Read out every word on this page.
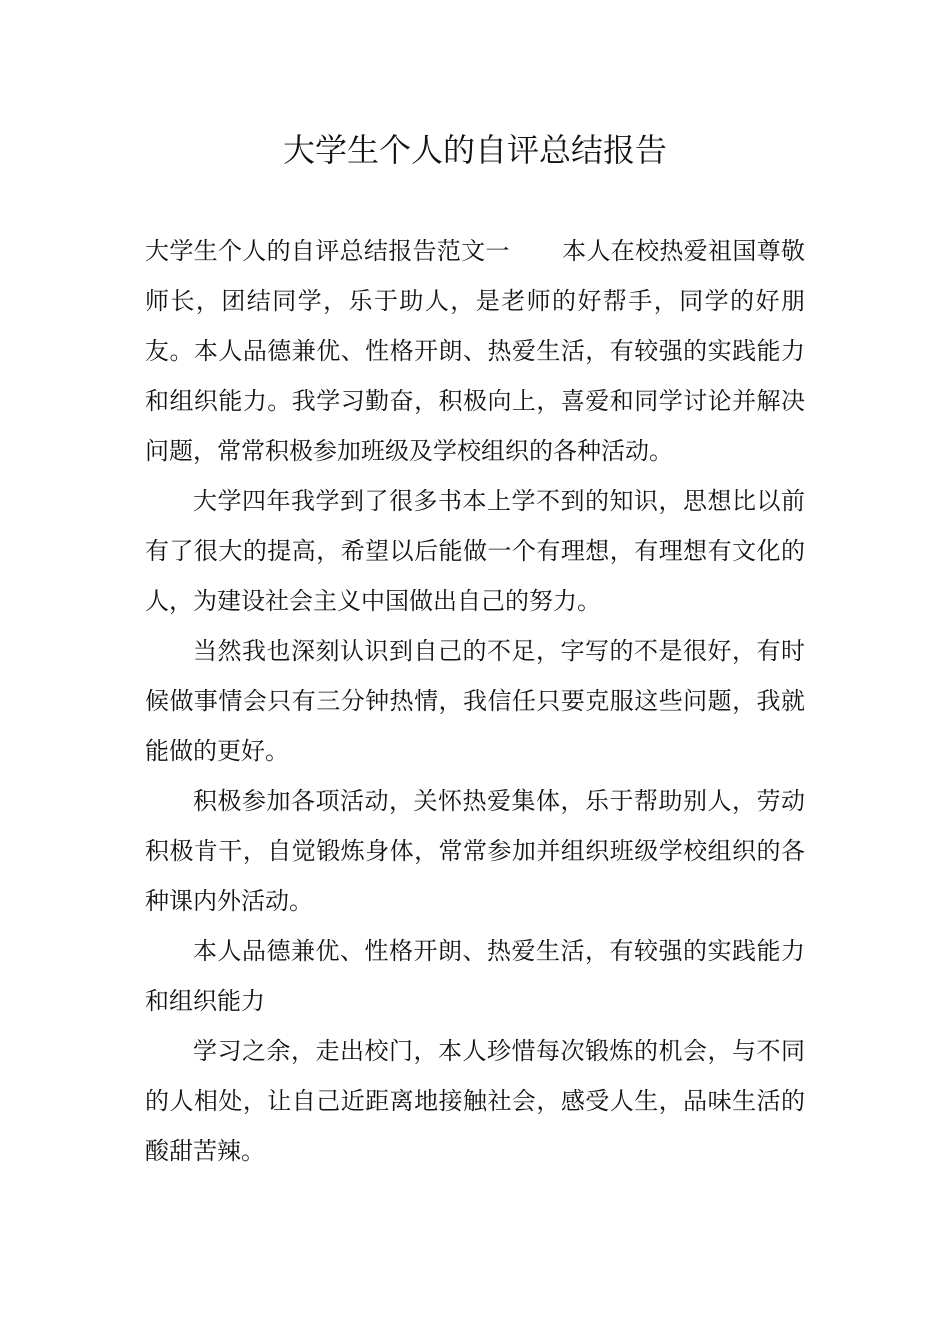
大学生个人的自评总结报告

大学生个人的自评总结报告范文一 本人在校热爱祖国尊敬师长，团结同学，乐于助人，是老师的好帮手，同学的好朋友。本人品德兼优、性格开朗、热爱生活，有较强的实践能力和组织能力。我学习勤奋，积极向上，喜爱和同学讨论并解决问题，常常积极参加班级及学校组织的各种活动。

大学四年我学到了很多书本上学不到的知识，思想比以前有了很大的提高，希望以后能做一个有理想，有理想有文化的人，为建设社会主义中国做出自己的努力。

当然我也深刻认识到自己的不足，字写的不是很好，有时候做事情会只有三分钟热情，我信任只要克服这些问题，我就能做的更好。

积极参加各项活动，关怀热爱集体，乐于帮助别人，劳动积极肯干，自觉锻炼身体，常常参加并组织班级学校组织的各种课内外活动。

本人品德兼优、性格开朗、热爱生活，有较强的实践能力和组织能力

学习之余，走出校门，本人珍惜每次锻炼的机会，与不同的人相处，让自己近距离地接触社会，感受人生，品味生活的酸甜苦辣。
